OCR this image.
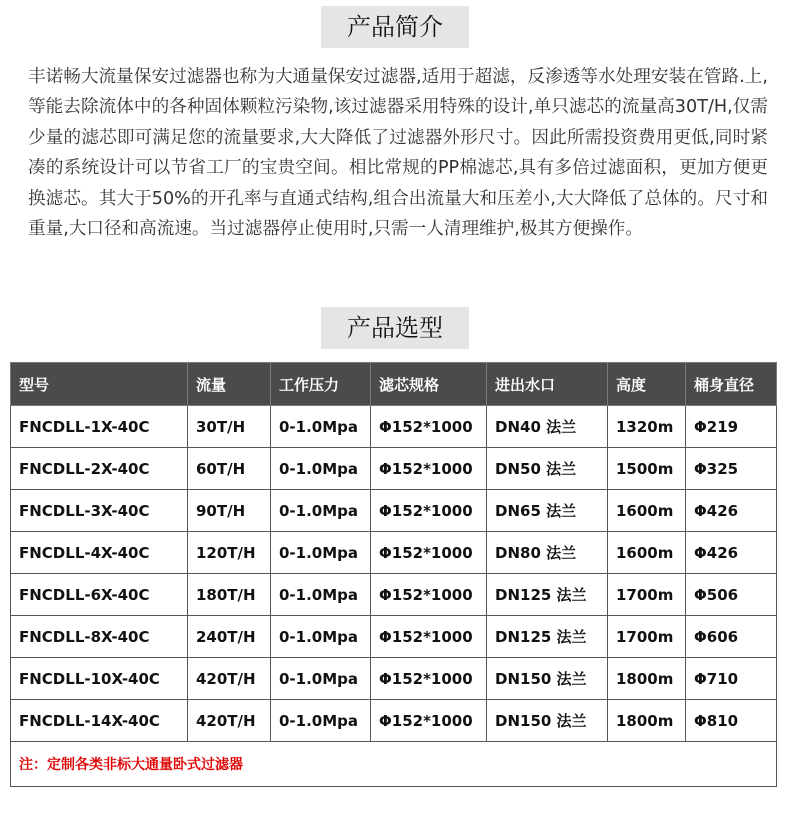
产品简介

丰诺畅大流量保安过滤器也称为大通量保安过滤器,适用于超滤，反渗透等水处理安装在管路.上,等能去除流体中的各种固体颗粒污染物,该过滤器采用特殊的设计,单只滤芯的流量高30T/H,仅需少量的滤芯即可满足您的流量要求,大大降低了过滤器外形尺寸。因此所需投资费用更低,同时紧凑的系统设计可以节省工厂的宝贵空间。相比常规的PP棉滤芯,具有多倍过滤面积，更加方便更换滤芯。其大于50%的开孔率与直通式结构,组合出流量大和压差小,大大降低了总体的。尺寸和重量,大口径和高流速。当过滤器停止使用时,只需一人清理维护,极其方便操作。

产品选型
型号	流量	工作压力	滤芯规格	进出水口	高度	桶身直径
FNCDLL-1X-40C	30T/H	0-1.0Mpa	Φ152*1000	DN40 法兰	1320m	Φ219
FNCDLL-2X-40C	60T/H	0-1.0Mpa	Φ152*1000	DN50 法兰	1500m	Φ325
FNCDLL-3X-40C	90T/H	0-1.0Mpa	Φ152*1000	DN65 法兰	1600m	Φ426
FNCDLL-4X-40C	120T/H	0-1.0Mpa	Φ152*1000	DN80 法兰	1600m	Φ426
FNCDLL-6X-40C	180T/H	0-1.0Mpa	Φ152*1000	DN125 法兰	1700m	Φ506
FNCDLL-8X-40C	240T/H	0-1.0Mpa	Φ152*1000	DN125 法兰	1700m	Φ606
FNCDLL-10X-40C	420T/H	0-1.0Mpa	Φ152*1000	DN150 法兰	1800m	Φ710
FNCDLL-14X-40C	420T/H	0-1.0Mpa	Φ152*1000	DN150 法兰	1800m	Φ810
注：定制各类非标大通量卧式过滤器						
